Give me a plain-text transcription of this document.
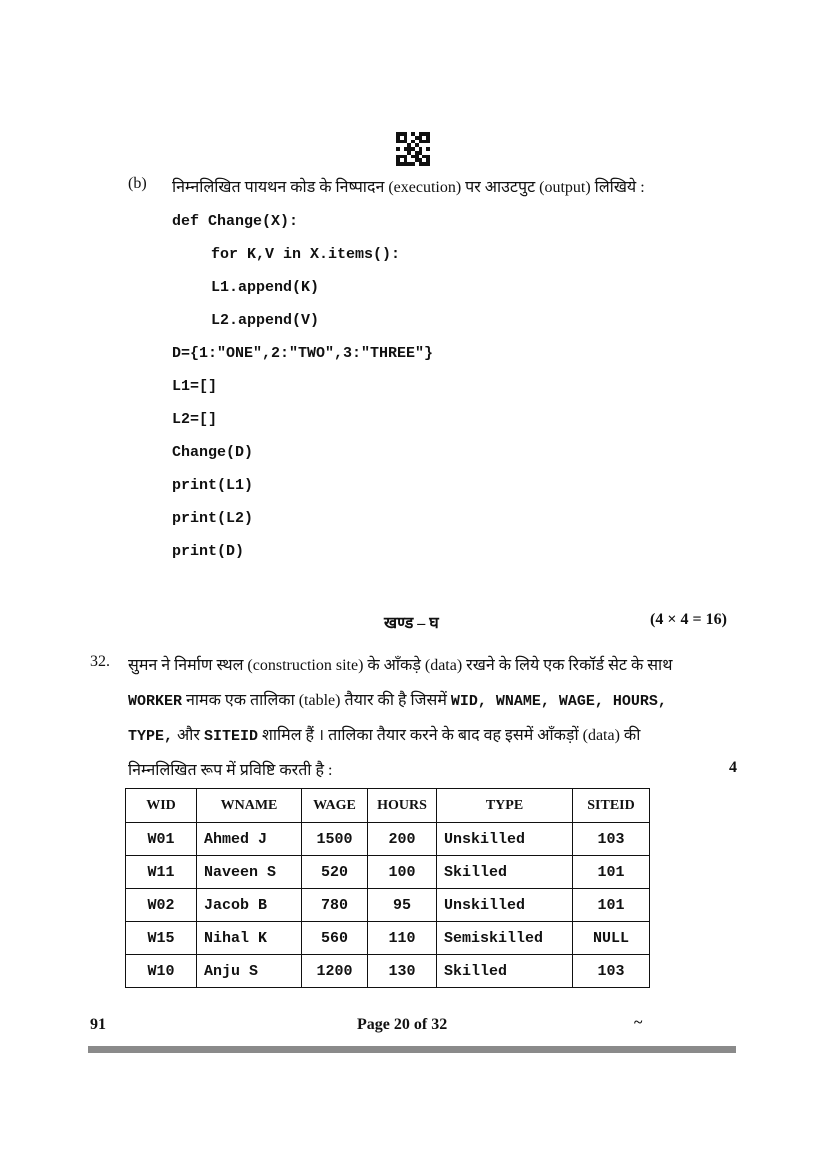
(b) निम्नलिखित पायथन कोड के निष्पादन (execution) पर आउटपुट (output) लिखिये :
def Change(X):
for K,V in X.items():
L1.append(K)
L2.append(V)
D={1:"ONE",2:"TWO",3:"THREE"}
L1=[]
L2=[]
Change(D)
print(L1)
print(L2)
print(D)
खण्ड – घ	(4 × 4 = 16)
32. सुमन ने निर्माण स्थल (construction site) के आँकड़े (data) रखने के लिये एक रिकॉर्ड सेट के साथ
WORKER नामक एक तालिका (table) तैयार की है जिसमें WID, WNAME, WAGE, HOURS,
TYPE, और SITEID शामिल हैं । तालिका तैयार करने के बाद वह इसमें आँकड़ों (data) की
निम्नलिखित रूप में प्रविष्टि करती है :	4
WID	WNAME	WAGE	HOURS	TYPE	SITEID
W01	Ahmed J	1500	200	Unskilled	103
W11	Naveen S	520	100	Skilled	101
W02	Jacob B	780	95	Unskilled	101
W15	Nihal K	560	110	Semiskilled	NULL
W10	Anju S	1200	130	Skilled	103
91	Page 20 of 32	~
